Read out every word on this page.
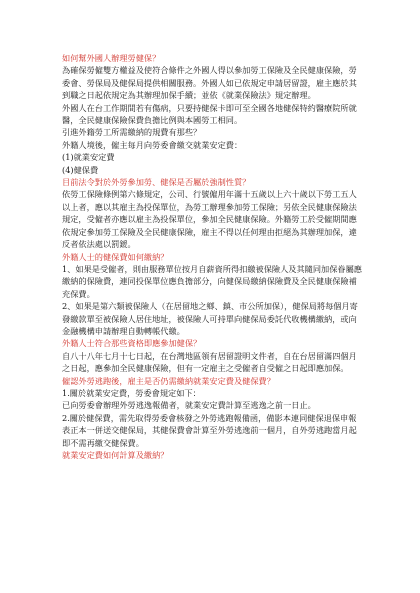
如何幫外國人辦理勞健保？

為確保勞僱雙方權益及使符合條件之外國人得以參加勞工保險及全民健康保險，勞委會、勞保局及健保局提供相關服務。外國人如已依規定申請居留證，雇主應於其到職之日起依規定為其辦理加保手續；並依《就業保險法》規定辦理。

外國人在台工作期間若有傷病，只要持健保卡即可至全國各地健保特約醫療院所就醫，全民健康保險保費負擔比例與本國勞工相同。

引進外籍勞工所需繳納的規費有那些？

外籍人境後，僱主每月向勞委會繳交就業安定費：

(1)就業安定費

(4)健保費

目前法令對於外勞參加勞、健保是否屬於強制性質？

依勞工保險條例第六條規定，公司、行號僱用年滿十五歲以上六十歲以下勞工五人以上者，應以其雇主為投保單位，為勞工辦理參加勞工保險；另依全民健康保險法規定，受僱者亦應以雇主為投保單位，參加全民健康保險。外籍勞工於受僱期間應依規定參加勞工保險及全民健康保險，雇主不得以任何理由拒絕為其辦理加保，違反者依法處以罰鍰。

外籍人士的健保費如何繳納？

1、如果是受僱者，則由服務單位按月自薪資所得扣繳被保險人及其隨同加保眷屬應繳納的保險費，連同投保單位應負擔部分，向健保局繳納保險費及全民健康保險補充保費。

2、如果是第六類被保險人（在居留地之鄉、鎮、市公所加保），健保局將每個月寄發繳款單至被保險人居住地址，被保險人可持單向健保局委託代收機構繳納，或向金融機構申請辦理自動轉帳代繳。

外籍人士符合那些資格即應參加健保？

自八十八年七月十七日起，在台灣地區領有居留證明文件者，自在台居留滿四個月之日起，應參加全民健康保險，但有一定雇主之受僱者自受僱之日起即應加保。

僱認外勞逃跑後，雇主是否仍需繳納就業安定費及健保費？

1.關於就業安定費，勞委會規定如下：

已向勞委會辦理外勞逃逸報備者，就業安定費計算至逃逸之前一日止。

2.關於健保費，需先取得勞委會核發之外勞逃跑報備函，備影本連同健保退保申報表正本一併送交健保局，其健保費會計算至外勞逃逸前一個月，自外勞逃跑當月起即不需再繳交健保費。

就業安定費如何計算及繳納？
